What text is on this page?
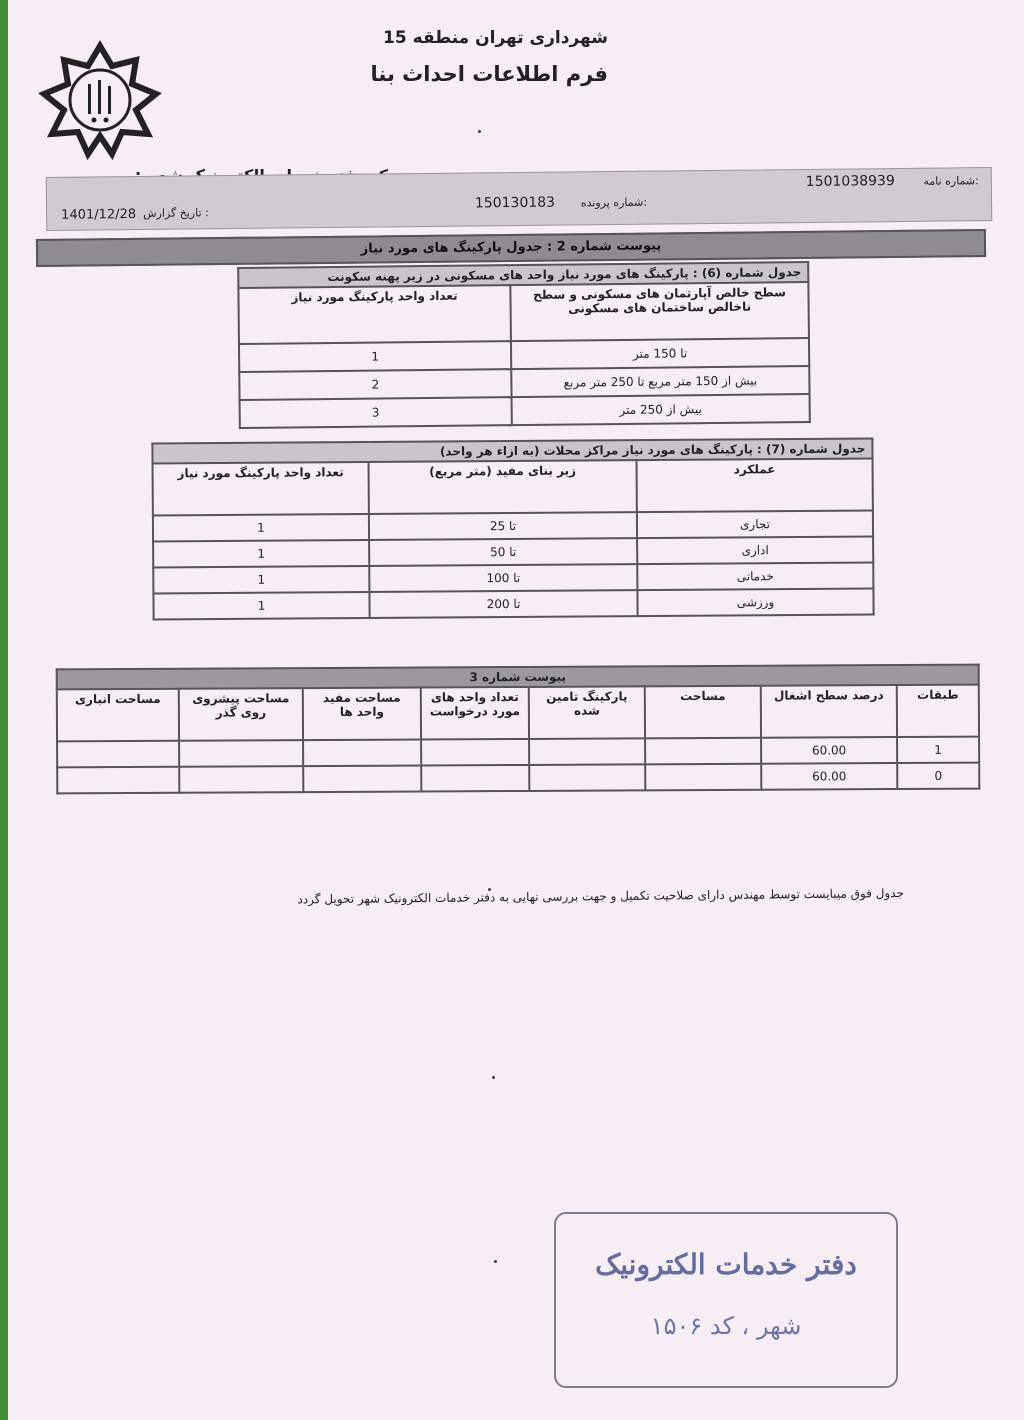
شهرداری تهران منطقه 15
فرم اطلاعات احداث بنا
شماره نامه:
1501038939
شماره پرونده:
150130183
تاریخ گزارش :
1401/12/28
پیوست شماره 2 : جدول پارکینگ های مورد نیاز
جدول شماره (6) : پارکینگ های مورد نیاز واحد های مسکونی در زیر پهنه سکونت	
سطح خالص آپارتمان های مسکونی و سطح ناخالص ساختمان های مسکونی	تعداد واحد پارکینگ مورد نیاز
تا 150 متر	1
بیش از 150 متر مربع تا 250 متر مربع	2
بیش از 250 متر	3
جدول شماره (7) : پارکینگ های مورد نیاز مراکز محلات (به ازاء هر واحد)		
عملکرد	زیر بنای مفید (متر مربع)	تعداد واحد پارکینگ مورد نیاز
تجاری	تا 25	1
اداری	تا 50	1
خدماتی	تا 100	1
ورزشی	تا 200	1
پیوست شماره 3							
طبقات	درصد سطح اشغال	مساحت	پارکینگ تامین شده	تعداد واحد های مورد درخواست	مساحت مفید واحد ها	مساحت پیشروی روی گذر	مساحت انباری
1	60.00						
0	60.00						
جدول فوق میبایست توسط مهندس دارای صلاحیت تکمیل و جهت بررسی نهایی به دفتر خدمات الکترونیک شهر تحویل گردد
دفتر خدمات الکترونیک
شهر ، کد ۱۵۰۶
